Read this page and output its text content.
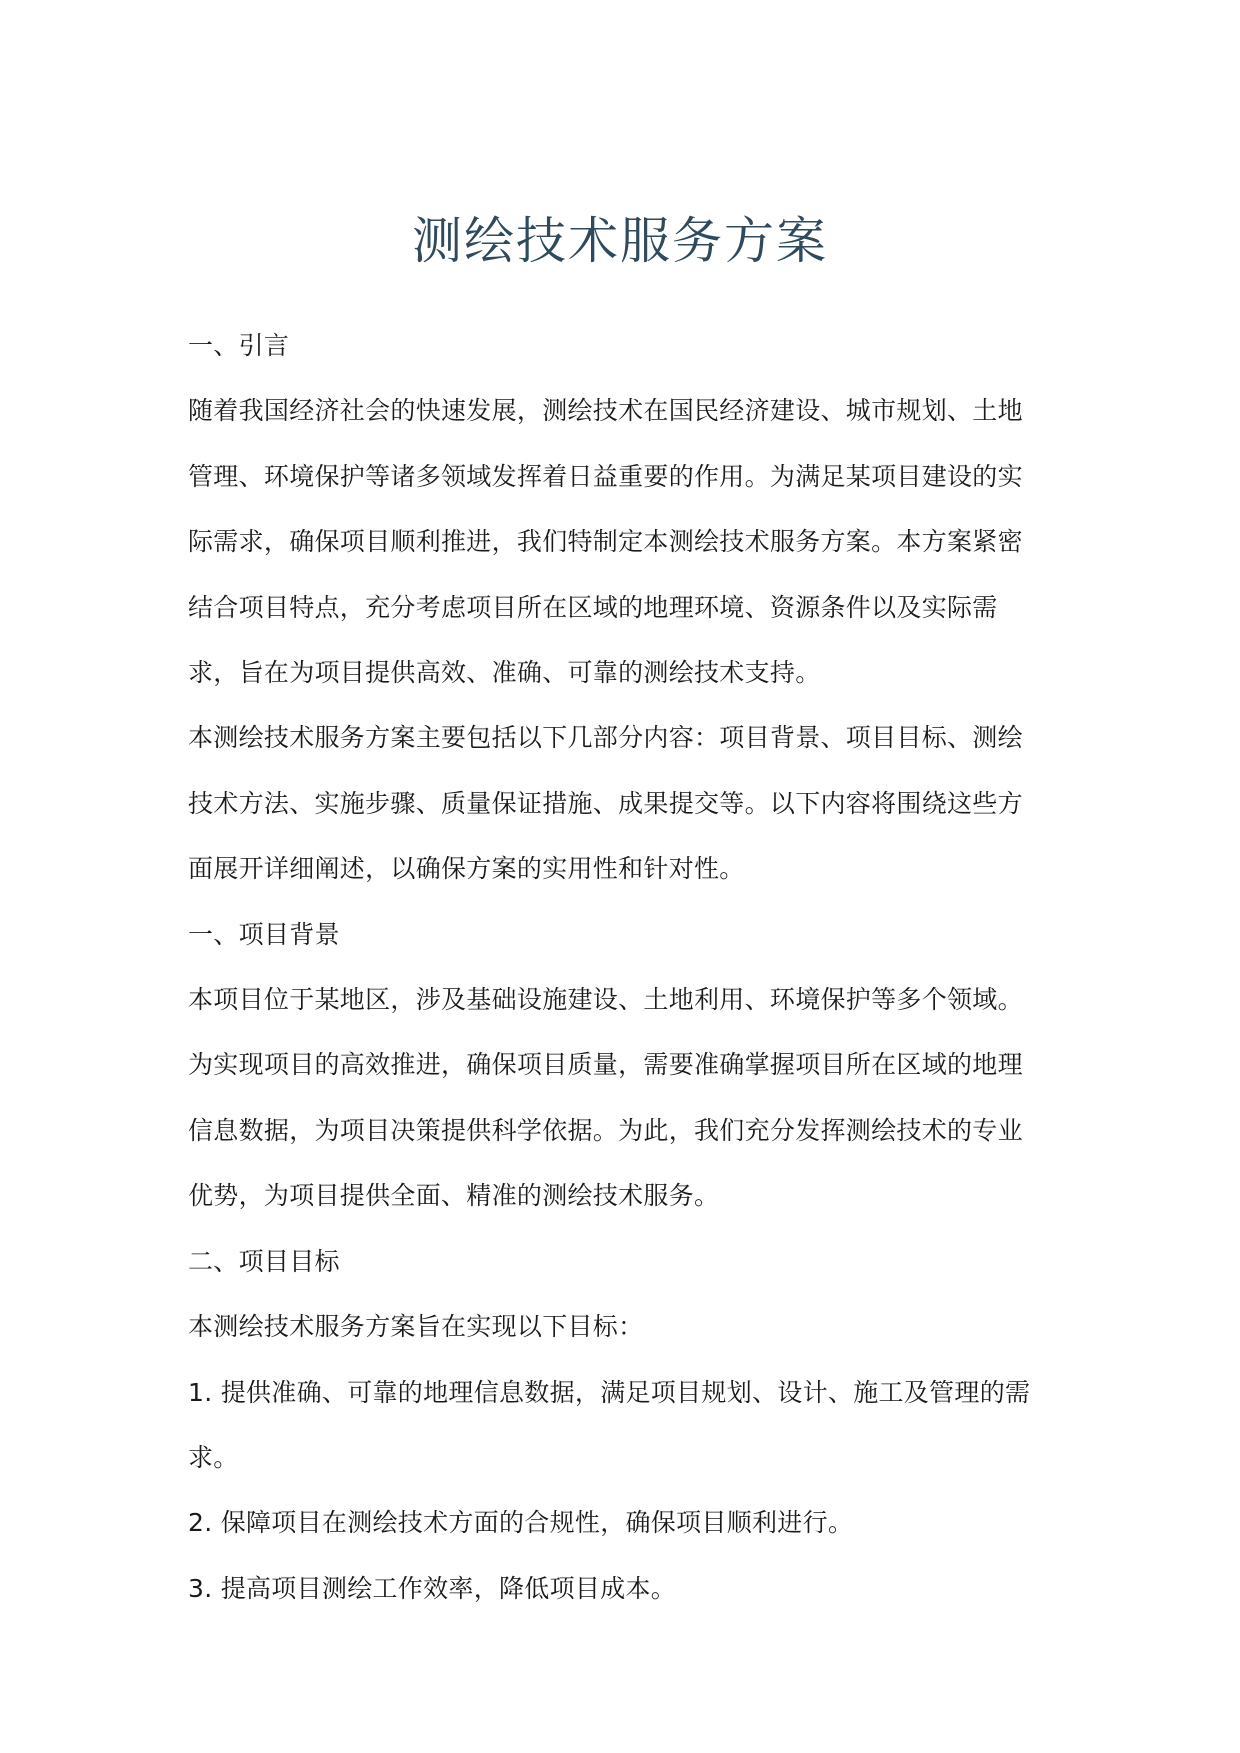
测绘技术服务方案

一、引言

随着我国经济社会的快速发展，测绘技术在国民经济建设、城市规划、土地管理、环境保护等诸多领域发挥着日益重要的作用。为满足某项目建设的实际需求，确保项目顺利推进，我们特制定本测绘技术服务方案。本方案紧密结合项目特点，充分考虑项目所在区域的地理环境、资源条件以及实际需求，旨在为项目提供高效、准确、可靠的测绘技术支持。

本测绘技术服务方案主要包括以下几部分内容：项目背景、项目目标、测绘技术方法、实施步骤、质量保证措施、成果提交等。以下内容将围绕这些方面展开详细阐述，以确保方案的实用性和针对性。

一、项目背景

本项目位于某地区，涉及基础设施建设、土地利用、环境保护等多个领域。为实现项目的高效推进，确保项目质量，需要准确掌握项目所在区域的地理信息数据，为项目决策提供科学依据。为此，我们充分发挥测绘技术的专业优势，为项目提供全面、精准的测绘技术服务。

二、项目目标

本测绘技术服务方案旨在实现以下目标：

1. 提供准确、可靠的地理信息数据，满足项目规划、设计、施工及管理的需求。

2. 保障项目在测绘技术方面的合规性，确保项目顺利进行。

3. 提高项目测绘工作效率，降低项目成本。
